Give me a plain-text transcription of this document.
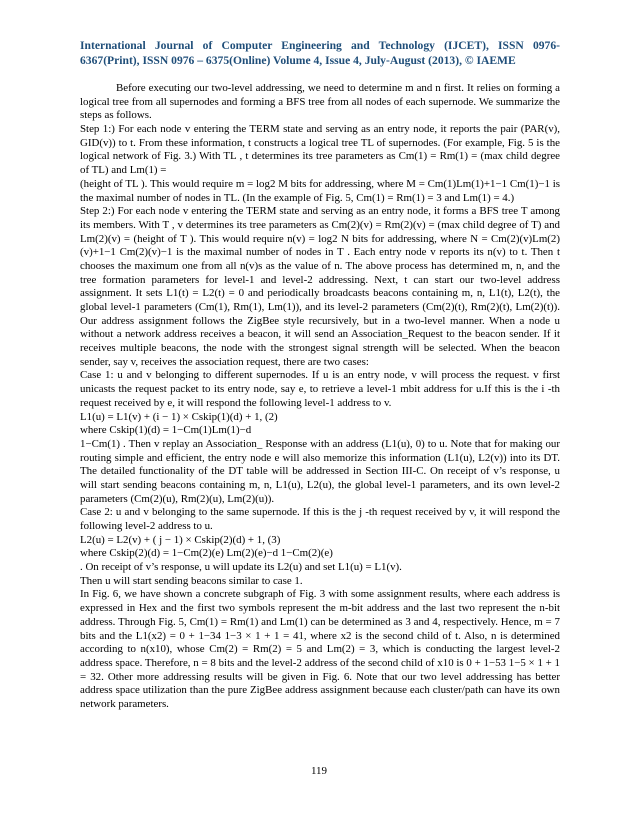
International Journal of Computer Engineering and Technology (IJCET), ISSN 0976-6367(Print), ISSN 0976 – 6375(Online) Volume 4, Issue 4, July-August (2013), © IAEME

Before executing our two-level addressing, we need to determine m and n first. It relies on forming a logical tree from all supernodes and forming a BFS tree from all nodes of each supernode. We summarize the steps as follows.

Step 1:) For each node v entering the TERM state and serving as an entry node, it reports the pair (PAR(v), GID(v)) to t. From these information, t constructs a logical tree TL of supernodes. (For example, Fig. 5 is the logical network of Fig. 3.) With TL , t determines its tree parameters as Cm(1) = Rm(1) = (max child degree of TL) and Lm(1) =

(height of TL ). This would require m = log2 M bits for addressing, where M = Cm(1)Lm(1)+1−1 Cm(1)−1 is the maximal number of nodes in TL. (In the example of Fig. 5, Cm(1) = Rm(1) = 3 and Lm(1) = 4.)

Step 2:) For each node v entering the TERM state and serving as an entry node, it forms a BFS tree T among its members. With T , v determines its tree parameters as Cm(2)(v) = Rm(2)(v) = (max child degree of T) and Lm(2)(v) = (height of T ). This would require n(v) = log2 N bits for addressing, where N = Cm(2)(v)Lm(2)(v)+1−1 Cm(2)(v)−1 is the maximal number of nodes in T . Each entry node v reports its n(v) to t. Then t chooses the maximum one from all n(v)s as the value of n. The above process has determined m, n, and the tree formation parameters for level-1 and level-2 addressing. Next, t can start our two-level address assignment. It sets L1(t) = L2(t) = 0 and periodically broadcasts beacons containing m, n, L1(t), L2(t), the global level-1 parameters (Cm(1), Rm(1), Lm(1)), and its level-2 parameters (Cm(2)(t), Rm(2)(t), Lm(2)(t)). Our address assignment follows the ZigBee style recursively, but in a two-level manner. When a node u without a network address receives a beacon, it will send an Association_Request to the beacon sender. If it receives multiple beacons, the node with the strongest signal strength will be selected. When the beacon sender, say v, receives the association request, there are two cases:

Case 1: u and v belonging to different supernodes. If u is an entry node, v will process the request. v first unicasts the request packet to its entry node, say e, to retrieve a level-1 mbit address for u.If this is the i -th request received by e, it will respond the following level-1 address to v.

L1(u) = L1(v) + (i − 1) × Cskip(1)(d) + 1, (2)

where Cskip(1)(d) = 1−Cm(1)Lm(1)−d

1−Cm(1) . Then v replay an Association_ Response with an address (L1(u), 0) to u. Note that for making our routing simple and efficient, the entry node e will also memorize this information (L1(u), L2(v)) into its DT. The detailed functionality of the DT table will be addressed in Section III-C. On receipt of v’s response, u will start sending beacons containing m, n, L1(u), L2(u), the global level-1 parameters, and its own level-2 parameters (Cm(2)(u), Rm(2)(u), Lm(2)(u)).

Case 2: u and v belonging to the same supernode. If this is the j -th request received by v, it will respond the following level-2 address to u.

L2(u) = L2(v) + ( j − 1) × Cskip(2)(d) + 1, (3)

where Cskip(2)(d) = 1−Cm(2)(e) Lm(2)(e)−d 1−Cm(2)(e)

. On receipt of v’s response, u will update its L2(u) and set L1(u) = L1(v).

Then u will start sending beacons similar to case 1.

In Fig. 6, we have shown a concrete subgraph of Fig. 3 with some assignment results, where each address is expressed in Hex and the first two symbols represent the m-bit address and the last two represent the n-bit address. Through Fig. 5, Cm(1) = Rm(1) and Lm(1) can be determined as 3 and 4, respectively. Hence, m = 7 bits and the L1(x2) = 0 + 1−34 1−3 × 1 + 1 = 41, where x2 is the second child of t. Also, n is determined according to n(x10), whose Cm(2) = Rm(2) = 5 and Lm(2) = 3, which is conducting the largest level-2 address space. Therefore, n = 8 bits and the level-2 address of the second child of x10 is 0 + 1−53 1−5 × 1 + 1 = 32. Other more addressing results will be given in Fig. 6. Note that our two level addressing has better address space utilization than the pure ZigBee address assignment because each cluster/path can have its own network parameters.

119
